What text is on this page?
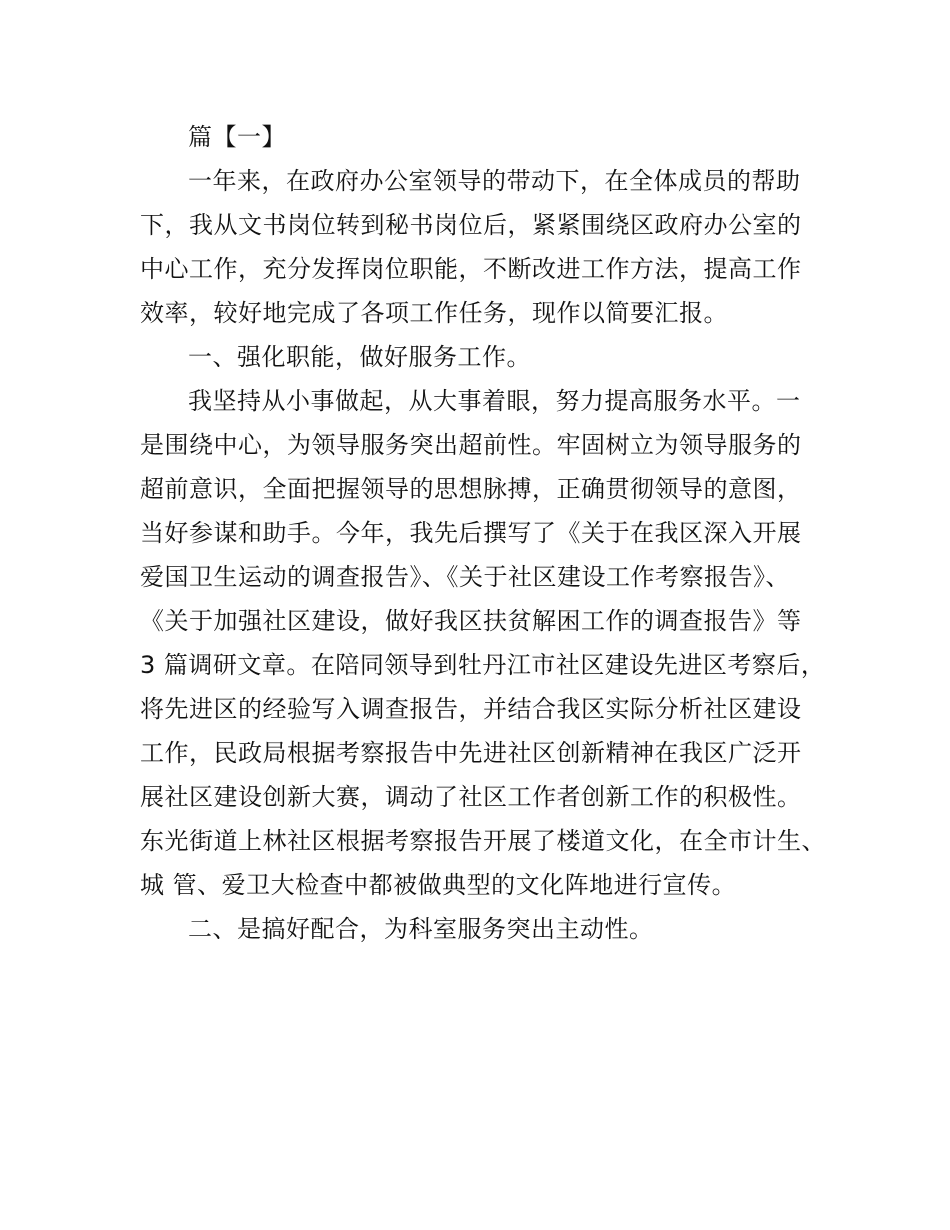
篇【一】
一年来，在政府办公室领导的带动下，在全体成员的帮助
下，我从文书岗位转到秘书岗位后，紧紧围绕区政府办公室的
中心工作，充分发挥岗位职能，不断改进工作方法，提高工作
效率，较好地完成了各项工作任务，现作以简要汇报。
一、强化职能，做好服务工作。
我坚持从小事做起，从大事着眼，努力提高服务水平。一
是围绕中心，为领导服务突出超前性。牢固树立为领导服务的
超前意识，全面把握领导的思想脉搏，正确贯彻领导的意图，
当好参谋和助手。今年，我先后撰写了《关于在我区深入开展
爱国卫生运动的调查报告》、《关于社区建设工作考察报告》、
《关于加强社区建设，做好我区扶贫解困工作的调查报告》等
3 篇调研文章。在陪同领导到牡丹江市社区建设先进区考察后，
将先进区的经验写入调查报告，并结合我区实际分析社区建设
工作，民政局根据考察报告中先进社区创新精神在我区广泛开
展社区建设创新大赛，调动了社区工作者创新工作的积极性。
东光街道上林社区根据考察报告开展了楼道文化，在全市计生、
城 管、爱卫大检查中都被做典型的文化阵地进行宣传。
二、是搞好配合，为科室服务突出主动性。
